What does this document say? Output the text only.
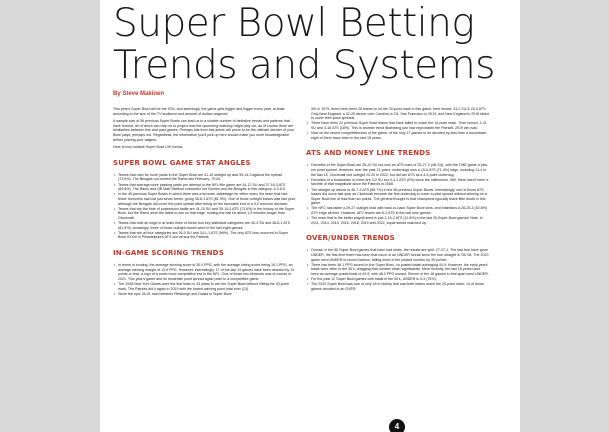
Super Bowl Betting Trends and Systems

By Steve Makinen

This year's Super Bowl will be the 57th, and seemingly, the game gets bigger and bigger every year, at least according to the size of the TV audience and amount of dollars wagered.

A sample size of 56 previous Super Bowls can lead us to a sizable number of definitive trends and patterns that have formed, all of which can help us to project how the upcoming matchup might play out, as of course there are similarities between this and past games. Perhaps bits from this article will prove to be the ultimate decider of your Bowl plays, perhaps not. Regardless, the information you'll pick up here should make you more knowledgeable before placing your wagers.

Here is how notable Super Bowl LVII trends:

SUPER BOWL GAME STAT ANGLES
• Teams that rush for more yards in the Super Bowl are 41-15 straight up and 39-14-3 against the spread (73.6%). The Bengals out-rushed the Rams last February, 79-43.
• Teams that average more passing yards per attempt in the NFL title game are 44-12 SU and 37-16-3 ATS (69.8%). The Rams and QB Matt Stafford outdueled Joe Burrow and the Bengals in this category, 6.3-5.5.
• In the 46 previous Super Bowls in which there was a turnover advantage for either team, the team that had fewer turnovers has lost just seven times, going 35-8-1 ATS (81.3%). One of those outright losses was last year, although the Bengals did cover the point spread after being on the favorable end of a 0-2 turnover decision.
• Teams that win the time of possession battle are 41-15 SU and 39-14-3 ATS (73.6%) in the history of the Super Bowl, but the Rams were the latest to win on that edge, holding the ball for about 1.5 minutes longer than Cincinnati.
• Teams that hold an edge in at least three of these four key statistical categories are 40-3 SU and 36-8-1 ATS (81.8%); amazingly, three of those outright losses were in the last eight games.
• Teams that win all four categories are 26-0 SU and 24-1-1 ATS (96%). The only ATS loss occurred in Super Bowl XXXIII in Philadelphia's ATS win versus the Patriots.
IN-GAME SCORING TRENDS
• In terms of scoring, the average winning score is 30.0 PPG, with the average losing score being 16.1 PPG, an average winning margin of 13.9 PPG. However, interestingly, 17 of the last 19 games have been decided by 14 points or less, a sign of a much more competitive era in the NFL. One of those two blowouts was of course in 2021. This year's game and its moderate point spread again point to a competitive game.
• The 2008 New York Giants were the first team in 33 years to win the Super Bowl without hitting the 20-point mark. The Patriots did it again in 2019 with the lowest winning point total ever (13).
• Since the epic 35-31 duel between Pittsburgh and Dallas in Super Bowl
XIII in 1979, there have been 26 teams to hit the 30-point mark in this game, their record: 24-2 SU & 23-3 ATS. Only New England, a 32-29 winner over Carolina in '04, San Francisco in 2013, and New England in 2018 failed to cover their point spreads.
• There have been 22 previous Super Bowl teams that have failed to reach the 14-point mark. Their record: 1-21 SU and 4-18 ATS (18%). This is another trend illustrating just how improbable the Patriots' 2019 win was.
• Now on the recent competitiveness of the game: of the only 17 games to be decided by less than a touchdown, eight of them have been in the last 15 years.
ATS AND MONEY LINE TRENDS
• Favorites in the Super Bowl are 35-20 SU but own an ATS mark of 25-27-3 (48.1%), with the 1982 game a pick-em point spread. However, over the past 21 years, underdogs own a 15-6 ATS (71.4%) edge, including 11-4 in the last 15. Cincinnati lost outright 23-20 in 2022, but did win ATS as a 4.5-point underdog.
• Favorites of a touchdown or more are 3-2 SU but 0-4-1 ATS (0%) since the millennium. Still, there hasn't been a favorite of that magnitude since the Patriots in 2008.
• The straight up winner is 46-7-3 ATS (86.7%) in the 56 previous Super Bowls. Interestingly, one of those ATS losses did occur last year as Cincinnati became the first underdog to cover a point spread without winning on a Super Bowl line of less than six points. The general thought is that champions typically leave little doubt in this game.
• The NFC has taken a 29-27 outright lead with back-to-back Super Bowl wins, and maintains a 28-25-3 (52.8%) ATS edge all time. However, AFC teams are 6-3 ATS in the last nine games.
• The team that is the better playoff seed is just 2-15-2 ATS (11.8%) in the last 26 Super Bowl games! Note, in 2011, 2014, 2015, 2016, 2018, 2019 and 2022, equal seeds matched up.
OVER/UNDER TRENDS
• Overall, in the 55 Super Bowl games that have had totals, the results are split: 27-27-1. The last four have gone UNDER, the first time there has been that much of an UNDER streak since the four straight in '05-'08. The 2019 game went UNDER in record fashion, falling short of the posted number by 39 points!
• There has been 46.1 PPG scored in the Super Bowl, on posted totals averaging 44.9. However, the early years' totals were often in the 30's, dragging that number down significantly. More recently, the last 18 years have seen an average posted total of 49.9, with 48.3 PPG scored. Eleven of the 18 games in that span went UNDER.
• For the past 12 Super Bowl games with totals in the 50's, UNDER is 9-3 (75%).
• The 2022 Super Bowl was one of only 18 in history that saw both teams reach the 20-point mark; 14 of those games resulted in an OVER.
4
